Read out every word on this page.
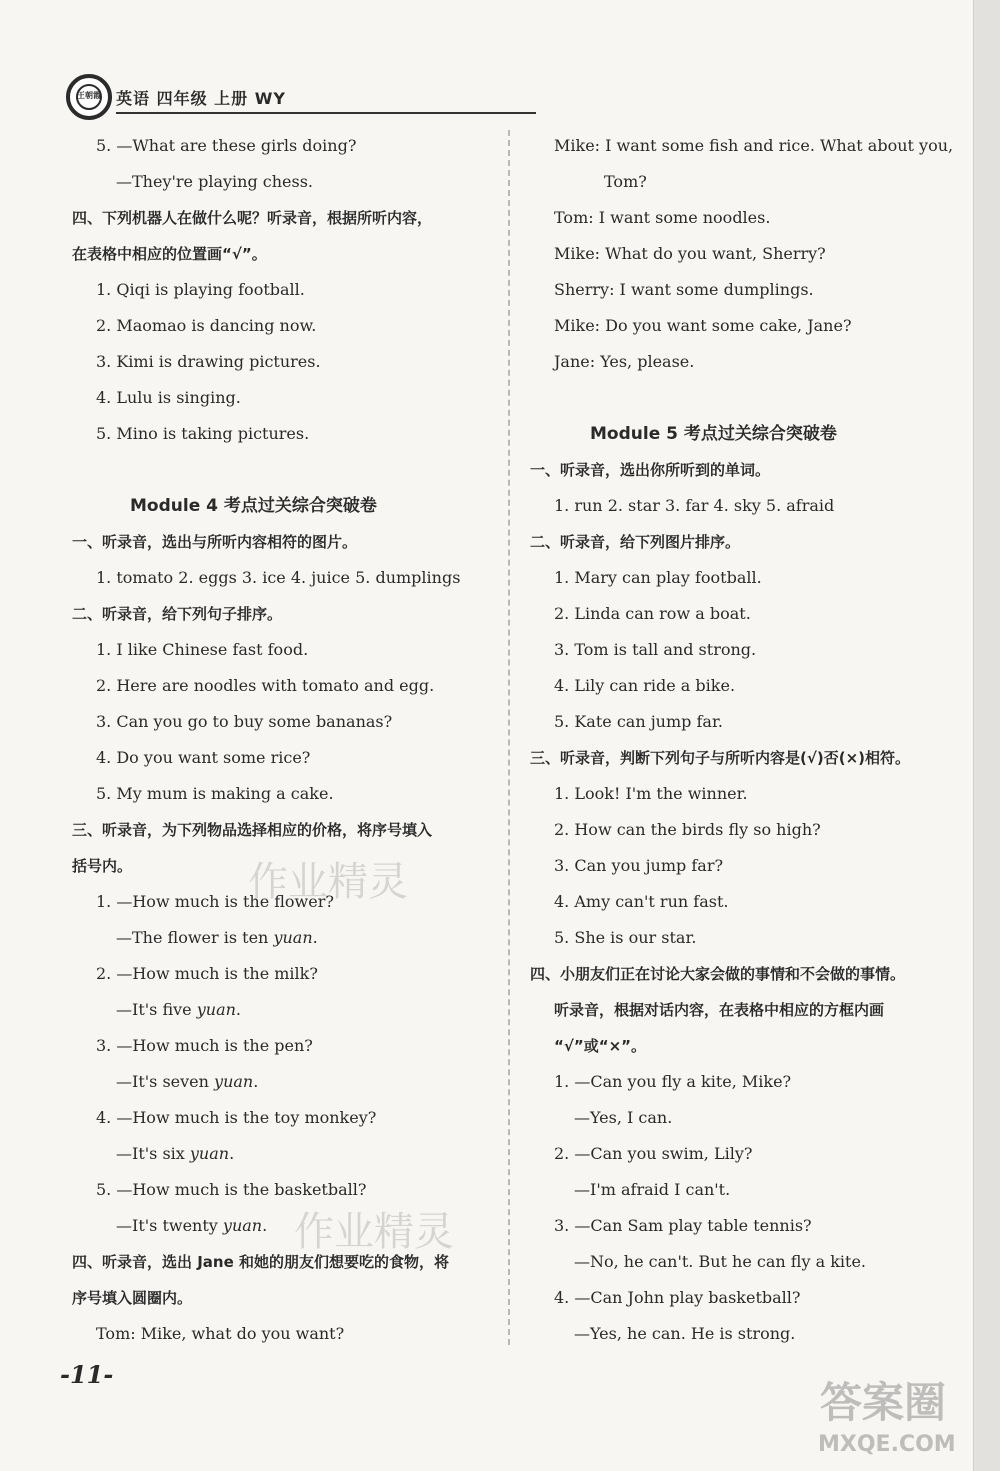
王朝霞 英语 四年级 上册 WY
5. —What are these girls doing?
—They're playing chess.
四、下列机器人在做什么呢？听录音，根据所听内容，
在表格中相应的位置画“√”。
1. Qiqi is playing football.
2. Maomao is dancing now.
3. Kimi is drawing pictures.
4. Lulu is singing.
5. Mino is taking pictures.
Module 4 考点过关综合突破卷
一、听录音，选出与所听内容相符的图片。
1. tomato 2. eggs 3. ice 4. juice 5. dumplings
二、听录音，给下列句子排序。
1. I like Chinese fast food.
2. Here are noodles with tomato and egg.
3. Can you go to buy some bananas?
4. Do you want some rice?
5. My mum is making a cake.
三、听录音，为下列物品选择相应的价格，将序号填入
括号内。
1. —How much is the flower?
—The flower is ten yuan.
2. —How much is the milk?
—It's five yuan.
3. —How much is the pen?
—It's seven yuan.
4. —How much is the toy monkey?
—It's six yuan.
5. —How much is the basketball?
—It's twenty yuan.
四、听录音，选出 Jane 和她的朋友们想要吃的食物，将
序号填入圆圈内。
Tom: Mike, what do you want?
Mike: I want some fish and rice. What about you,
Tom?
Tom: I want some noodles.
Mike: What do you want, Sherry?
Sherry: I want some dumplings.
Mike: Do you want some cake, Jane?
Jane: Yes, please.
Module 5 考点过关综合突破卷
一、听录音，选出你所听到的单词。
1. run 2. star 3. far 4. sky 5. afraid
二、听录音，给下列图片排序。
1. Mary can play football.
2. Linda can row a boat.
3. Tom is tall and strong.
4. Lily can ride a bike.
5. Kate can jump far.
三、听录音，判断下列句子与所听内容是(√)否(×)相符。
1. Look! I'm the winner.
2. How can the birds fly so high?
3. Can you jump far?
4. Amy can't run fast.
5. She is our star.
四、小朋友们正在讨论大家会做的事情和不会做的事情。
听录音，根据对话内容，在表格中相应的方框内画
“√”或“×”。
1. —Can you fly a kite, Mike?
—Yes, I can.
2. —Can you swim, Lily?
—I'm afraid I can't.
3. —Can Sam play table tennis?
—No, he can't. But he can fly a kite.
4. —Can John play basketball?
—Yes, he can. He is strong.
作业精灵
作业精灵
答案圈
MXQE.COM
-11-
